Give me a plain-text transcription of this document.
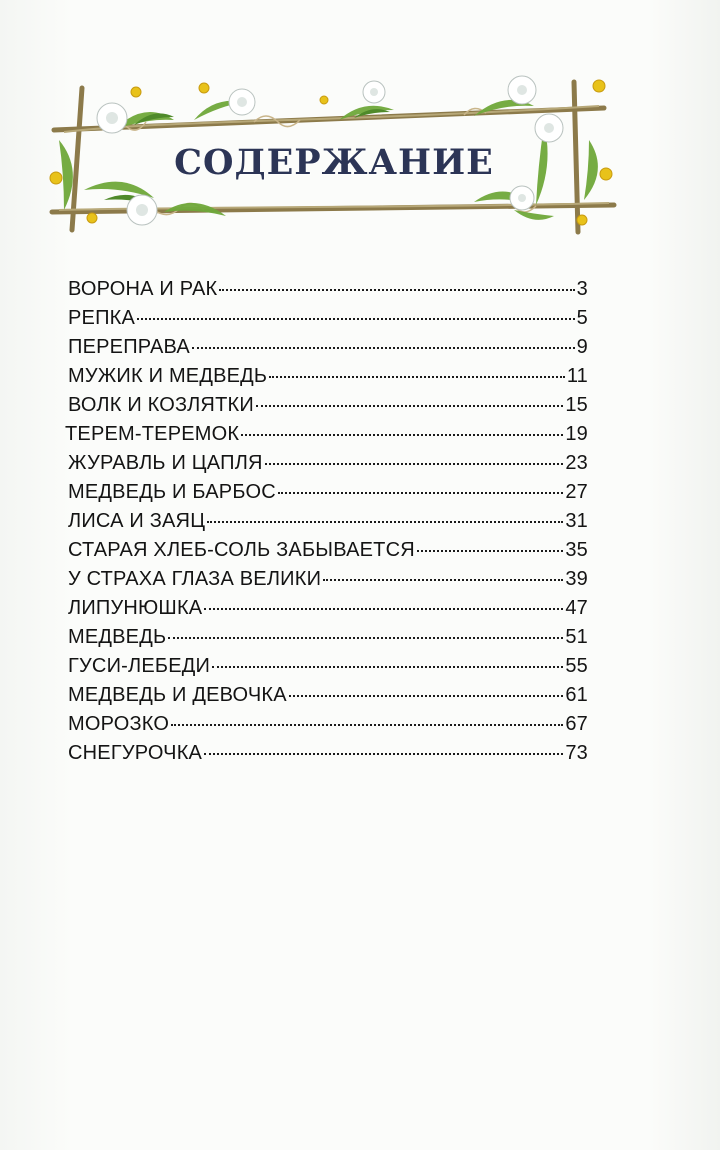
СОДЕРЖАНИЕ
ВОРОНА И РАК	3
РЕПКА	5
ПЕРЕПРАВА	9
МУЖИК И МЕДВЕДЬ	11
ВОЛК И КОЗЛЯТКИ	15
ТЕРЕМ-ТЕРЕМОК	19
ЖУРАВЛЬ И ЦАПЛЯ	23
МЕДВЕДЬ И БАРБОС	27
ЛИСА И ЗАЯЦ	31
СТАРАЯ ХЛЕБ-СОЛЬ ЗАБЫВАЕТСЯ	35
У СТРАХА ГЛАЗА ВЕЛИКИ	39
ЛИПУНЮШКА	47
МЕДВЕДЬ	51
ГУСИ-ЛЕБЕДИ	55
МЕДВЕДЬ И ДЕВОЧКА	61
МОРОЗКО	67
СНЕГУРОЧКА	73
